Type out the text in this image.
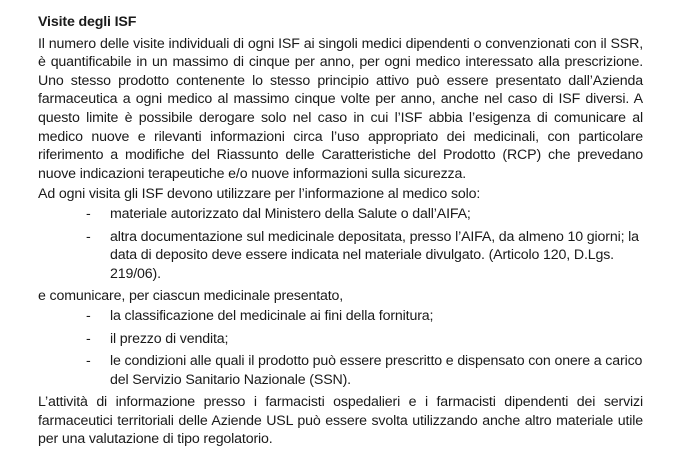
Visite degli ISF

Il numero delle visite individuali di ogni ISF ai singoli medici dipendenti o convenzionati con il SSR, è quantificabile in un massimo di cinque per anno, per ogni medico interessato alla prescrizione. Uno stesso prodotto contenente lo stesso principio attivo può essere presentato dall’Azienda farmaceutica a ogni medico al massimo cinque volte per anno, anche nel caso di ISF diversi. A questo limite è possibile derogare solo nel caso in cui l’ISF abbia l’esigenza di comunicare al medico nuove e rilevanti informazioni circa l’uso appropriato dei medicinali, con particolare riferimento a modifiche del Riassunto delle Caratteristiche del Prodotto (RCP) che prevedano nuove indicazioni terapeutiche e/o nuove informazioni sulla sicurezza.

Ad ogni visita gli ISF devono utilizzare per l’informazione al medico solo:

- materiale autorizzato dal Ministero della Salute o dall’AIFA;
- altra documentazione sul medicinale depositata, presso l’AIFA, da almeno 10 giorni; la data di deposito deve essere indicata nel materiale divulgato. (Articolo 120, D.Lgs. 219/06).

e comunicare, per ciascun medicinale presentato,

- la classificazione del medicinale ai fini della fornitura;
- il prezzo di vendita;
- le condizioni alle quali il prodotto può essere prescritto e dispensato con onere a carico del Servizio Sanitario Nazionale (SSN).

L’attività di informazione presso i farmacisti ospedalieri e i farmacisti dipendenti dei servizi farmaceutici territoriali delle Aziende USL può essere svolta utilizzando anche altro materiale utile per una valutazione di tipo regolatorio.
